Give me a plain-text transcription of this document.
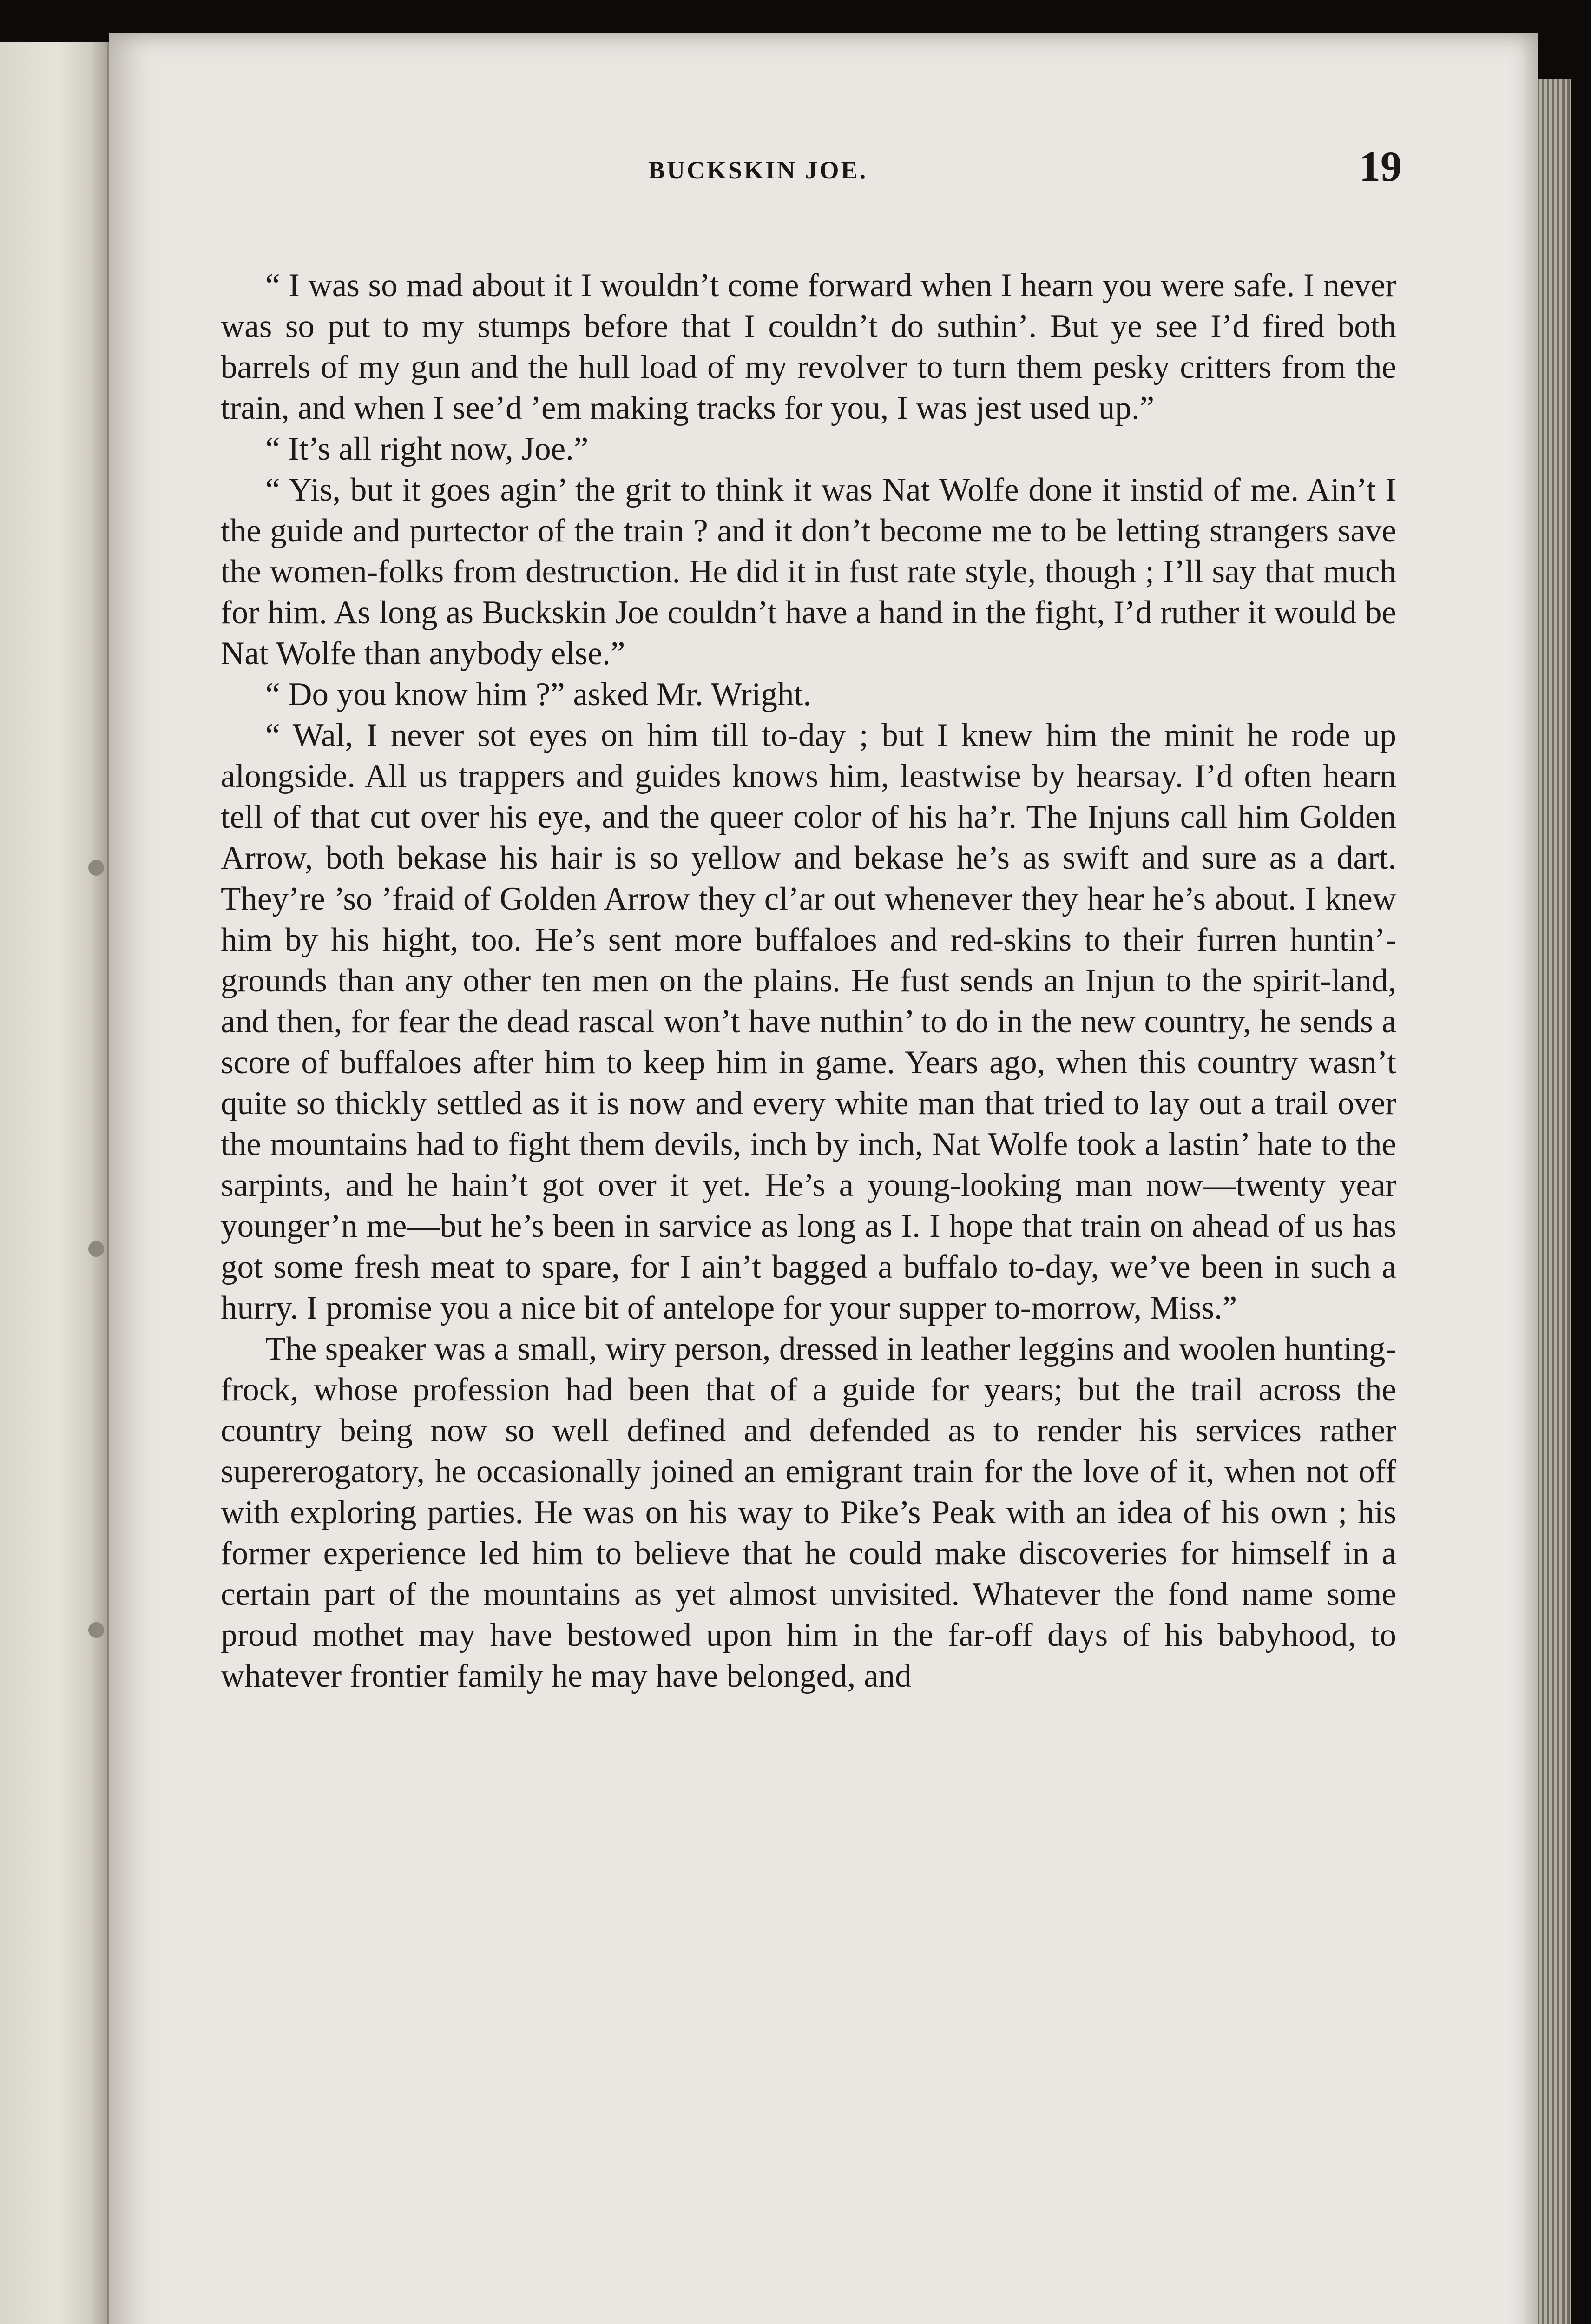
BUCKSKIN JOE.	19

“ I was so mad about it I wouldn’t come forward when I hearn you were safe. I never was so put to my stumps before that I couldn’t do suthin’. But ye see I’d fired both barrels of my gun and the hull load of my revolver to turn them pesky critters from the train, and when I see’d ’em making tracks for you, I was jest used up.”

“ It’s all right now, Joe.”

“ Yis, but it goes agin’ the grit to think it was Nat Wolfe done it instid of me. Ain’t I the guide and purtector of the train ? and it don’t become me to be letting strangers save the women-folks from destruction. He did it in fust rate style, though ; I’ll say that much for him. As long as Buckskin Joe couldn’t have a hand in the fight, I’d ruther it would be Nat Wolfe than anybody else.”

“ Do you know him ?” asked Mr. Wright.

“ Wal, I never sot eyes on him till to-day ; but I knew him the minit he rode up alongside. All us trappers and guides knows him, leastwise by hearsay. I’d often hearn tell of that cut over his eye, and the queer color of his ha’r. The Injuns call him Golden Arrow, both bekase his hair is so yellow and bekase he’s as swift and sure as a dart. They’re ’so ’fraid of Golden Arrow they cl’ar out whenever they hear he’s about. I knew him by his hight, too. He’s sent more buffaloes and red-skins to their furren huntin’-grounds than any other ten men on the plains. He fust sends an Injun to the spirit-land, and then, for fear the dead rascal won’t have nuthin’ to do in the new country, he sends a score of buffaloes after him to keep him in game. Years ago, when this country wasn’t quite so thickly settled as it is now and every white man that tried to lay out a trail over the mountains had to fight them devils, inch by inch, Nat Wolfe took a lastin’ hate to the sarpints, and he hain’t got over it yet. He’s a young-looking man now—twenty year younger’n me—but he’s been in sarvice as long as I. I hope that train on ahead of us has got some fresh meat to spare, for I ain’t bagged a buffalo to-day, we’ve been in such a hurry. I promise you a nice bit of antelope for your supper to-morrow, Miss.”

The speaker was a small, wiry person, dressed in leather leggins and woolen hunting-frock, whose profession had been that of a guide for years; but the trail across the country being now so well defined and defended as to render his services rather supererogatory, he occasionally joined an emigrant train for the love of it, when not off with exploring parties. He was on his way to Pike’s Peak with an idea of his own ; his former experience led him to believe that he could make discoveries for himself in a certain part of the mountains as yet almost unvisited. Whatever the fond name some proud mothet may have bestowed upon him in the far-off days of his babyhood, to whatever frontier family he may have belonged, and
